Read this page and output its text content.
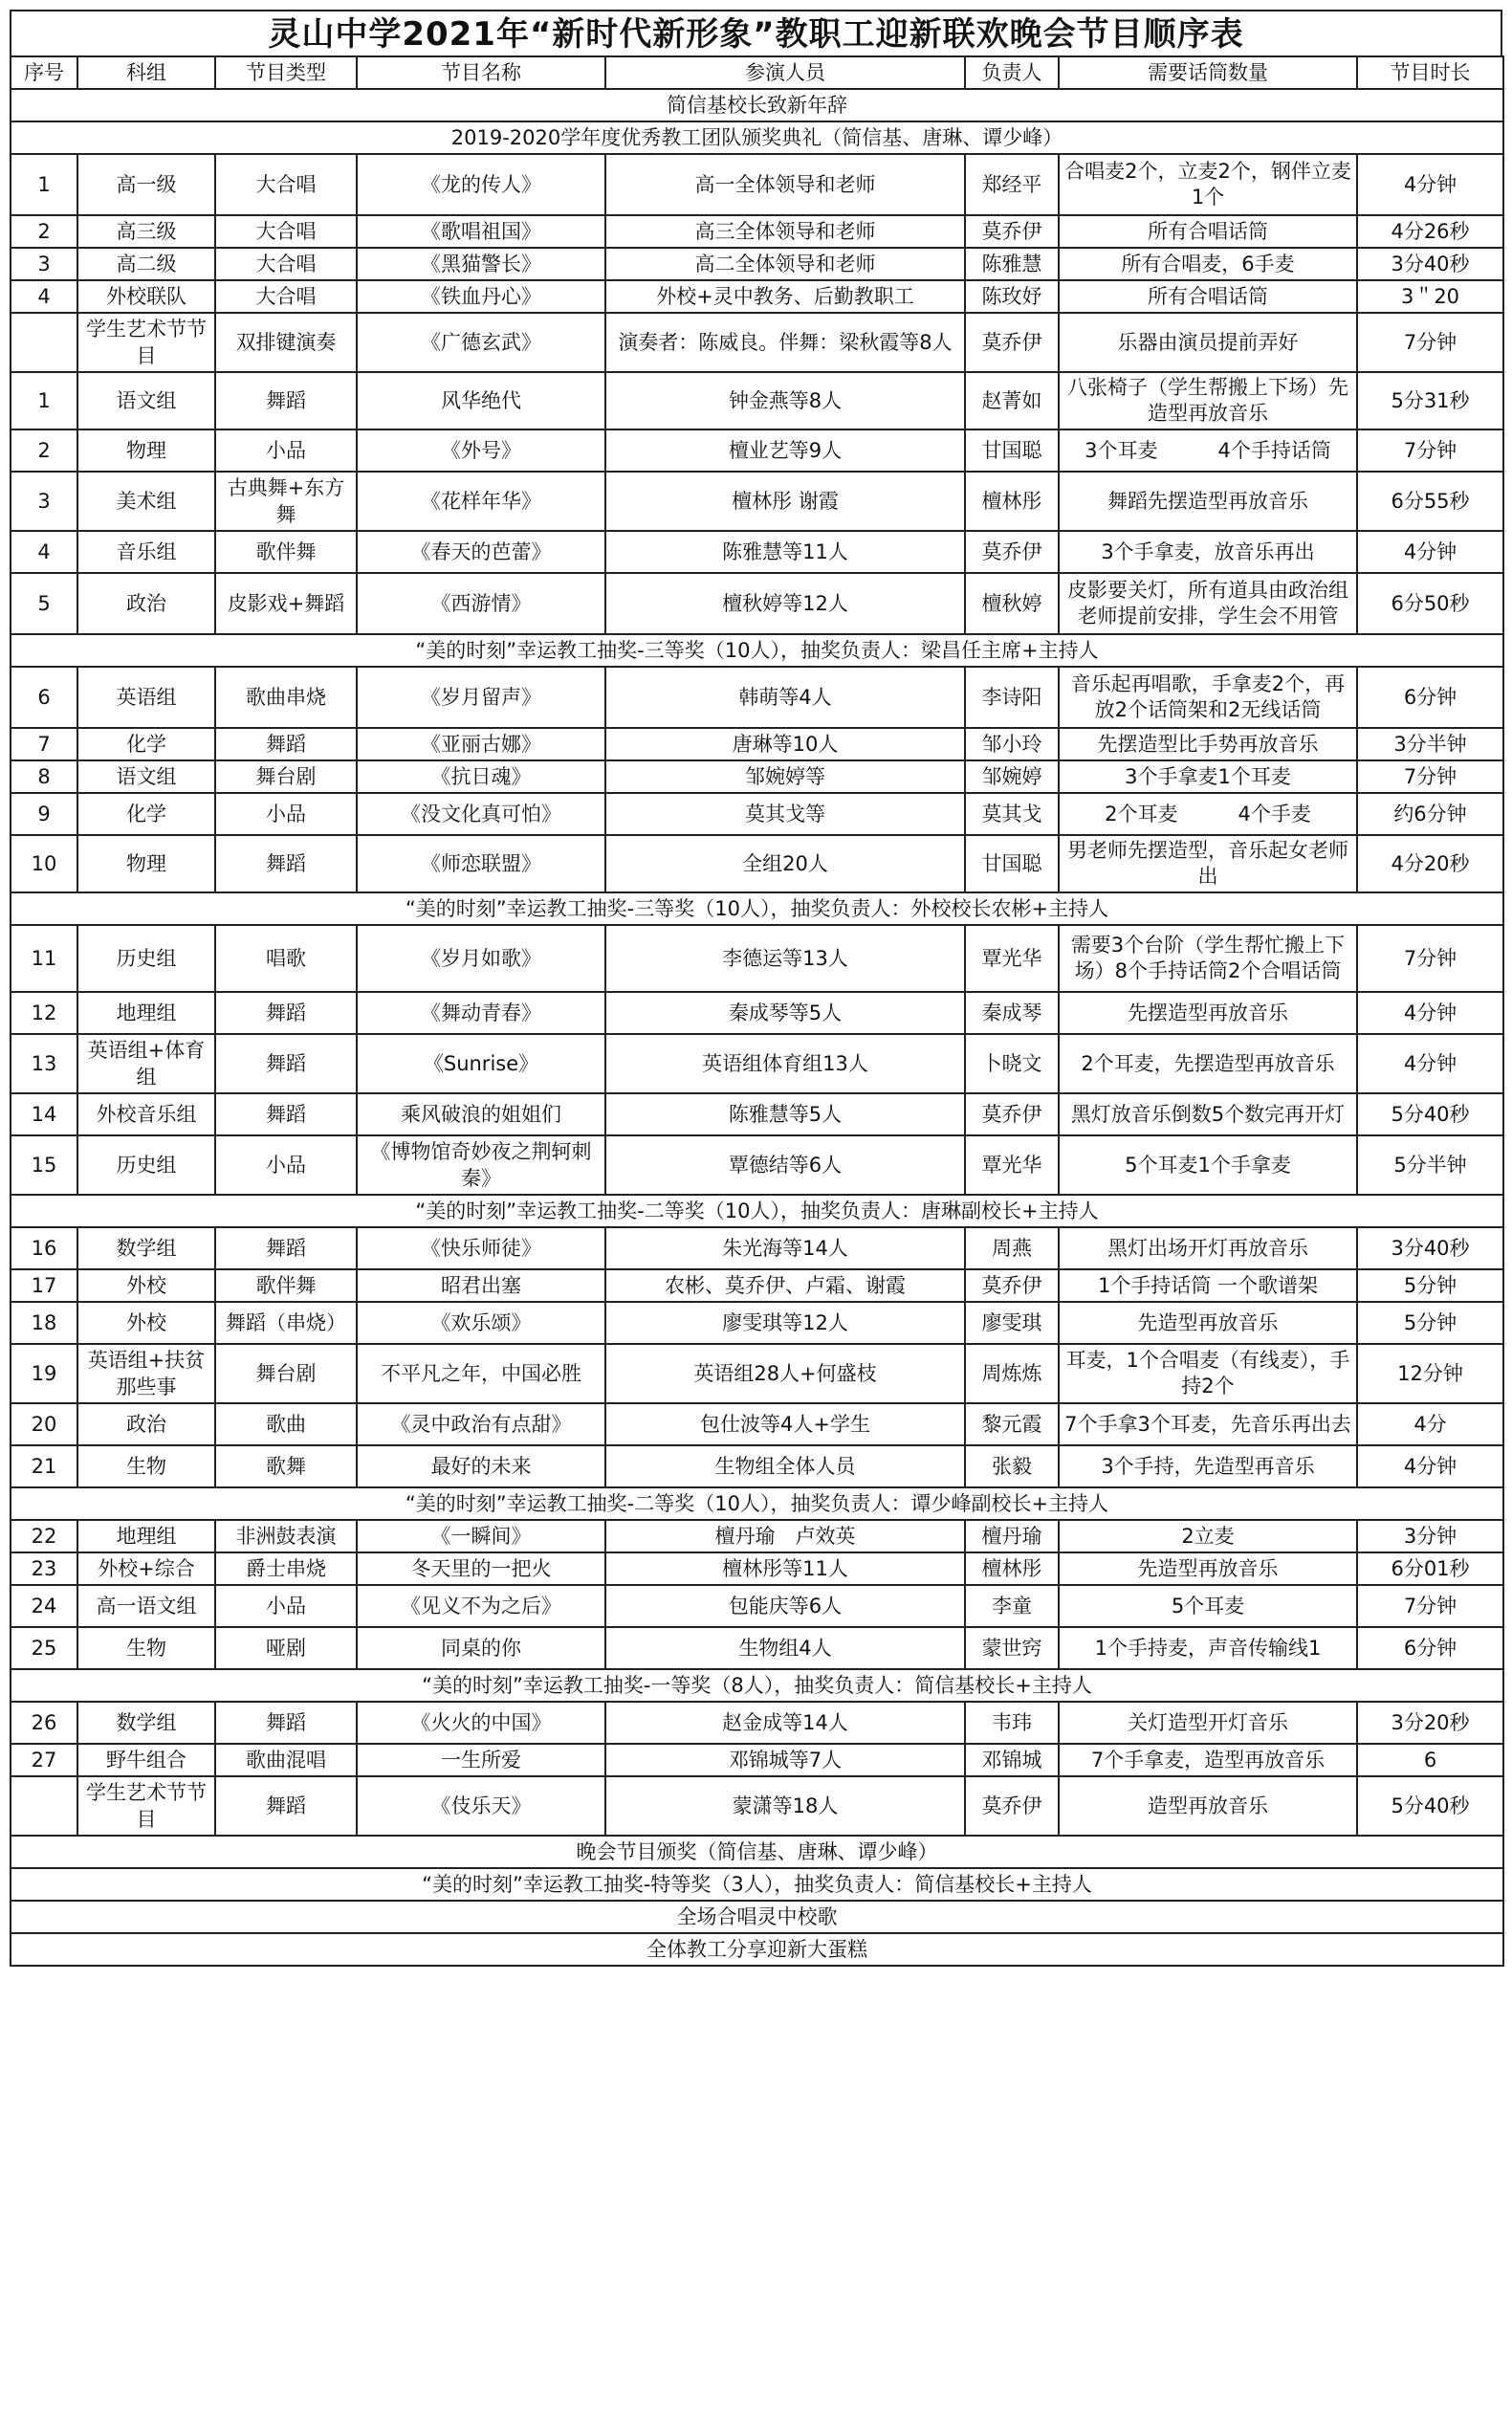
灵山中学2021年“新时代新形象”教职工迎新联欢晚会节目顺序表
序号	科组	节目类型	节目名称	参演人员	负责人	需要话筒数量	节目时长
简信基校长致新年辞							
2019-2020学年度优秀教工团队颁奖典礼（简信基、唐琳、谭少峰）							
1	高一级	大合唱	《龙的传人》	高一全体领导和老师	郑经平	合唱麦2个，立麦2个，钢伴立麦1个	4分钟
2	高三级	大合唱	《歌唱祖国》	高三全体领导和老师	莫乔伊	所有合唱话筒	4分26秒
3	高二级	大合唱	《黑猫警长》	高二全体领导和老师	陈雅慧	所有合唱麦，6手麦	3分40秒
4	外校联队	大合唱	《铁血丹心》	外校+灵中教务、后勤教职工	陈玫妤	所有合唱话筒	3＂20
	学生艺术节节目	双排键演奏	《广德玄武》	演奏者：陈威良。伴舞：梁秋霞等8人	莫乔伊	乐器由演员提前弄好	7分钟
1	语文组	舞蹈	风华绝代	钟金燕等8人	赵菁如	八张椅子（学生帮搬上下场）先造型再放音乐	5分31秒
2	物理	小品	《外号》	檀业艺等9人	甘国聪	3个耳麦　　　4个手持话筒	7分钟
3	美术组	古典舞+东方舞	《花样年华》	檀林彤 谢霞	檀林彤	舞蹈先摆造型再放音乐	6分55秒
4	音乐组	歌伴舞	《春天的芭蕾》	陈雅慧等11人	莫乔伊	3个手拿麦，放音乐再出	4分钟
5	政治	皮影戏+舞蹈	《西游情》	檀秋婷等12人	檀秋婷	皮影要关灯，所有道具由政治组老师提前安排，学生会不用管	6分50秒
“美的时刻”幸运教工抽奖-三等奖（10人），抽奖负责人：梁昌任主席+主持人							
6	英语组	歌曲串烧	《岁月留声》	韩萌等4人	李诗阳	音乐起再唱歌，手拿麦2个，再放2个话筒架和2无线话筒	6分钟
7	化学	舞蹈	《亚丽古娜》	唐琳等10人	邹小玲	先摆造型比手势再放音乐	3分半钟
8	语文组	舞台剧	《抗日魂》	邹婉婷等	邹婉婷	3个手拿麦1个耳麦	7分钟
9	化学	小品	《没文化真可怕》	莫其戈等	莫其戈	2个耳麦　　　4个手麦	约6分钟
10	物理	舞蹈	《师恋联盟》	全组20人	甘国聪	男老师先摆造型，音乐起女老师出	4分20秒
“美的时刻”幸运教工抽奖-三等奖（10人），抽奖负责人：外校校长农彬+主持人							
11	历史组	唱歌	《岁月如歌》	李德运等13人	覃光华	需要3个台阶（学生帮忙搬上下场）8个手持话筒2个合唱话筒	7分钟
12	地理组	舞蹈	《舞动青春》	秦成琴等5人	秦成琴	先摆造型再放音乐	4分钟
13	英语组+体育组	舞蹈	《Sunrise》	英语组体育组13人	卜晓文	2个耳麦，先摆造型再放音乐	4分钟
14	外校音乐组	舞蹈	乘风破浪的姐姐们	陈雅慧等5人	莫乔伊	黑灯放音乐倒数5个数完再开灯	5分40秒
15	历史组	小品	《博物馆奇妙夜之荆轲刺秦》	覃德结等6人	覃光华	5个耳麦1个手拿麦	5分半钟
“美的时刻”幸运教工抽奖-二等奖（10人），抽奖负责人：唐琳副校长+主持人							
16	数学组	舞蹈	《快乐师徒》	朱光海等14人	周燕	黑灯出场开灯再放音乐	3分40秒
17	外校	歌伴舞	昭君出塞	农彬、莫乔伊、卢霜、谢霞	莫乔伊	1个手持话筒 一个歌谱架	5分钟
18	外校	舞蹈（串烧）	《欢乐颂》	廖雯琪等12人	廖雯琪	先造型再放音乐	5分钟
19	英语组+扶贫那些事	舞台剧	不平凡之年，中国必胜	英语组28人+何盛枝	周炼炼	耳麦，1个合唱麦（有线麦），手持2个	12分钟
20	政治	歌曲	《灵中政治有点甜》	包仕波等4人+学生	黎元霞	7个手拿3个耳麦，先音乐再出去	4分
21	生物	歌舞	最好的未来	生物组全体人员	张毅	3个手持，先造型再音乐	4分钟
“美的时刻”幸运教工抽奖-二等奖（10人），抽奖负责人：谭少峰副校长+主持人							
22	地理组	非洲鼓表演	《一瞬间》	檀丹瑜　卢效英	檀丹瑜	2立麦	3分钟
23	外校+综合	爵士串烧	冬天里的一把火	檀林彤等11人	檀林彤	先造型再放音乐	6分01秒
24	高一语文组	小品	《见义不为之后》	包能庆等6人	李童	5个耳麦	7分钟
25	生物	哑剧	同桌的你	生物组4人	蒙世窍	1个手持麦，声音传输线1	6分钟
“美的时刻”幸运教工抽奖-一等奖（8人），抽奖负责人：简信基校长+主持人							
26	数学组	舞蹈	《火火的中国》	赵金成等14人	韦玮	关灯造型开灯音乐	3分20秒
27	野牛组合	歌曲混唱	一生所爱	邓锦城等7人	邓锦城	7个手拿麦，造型再放音乐	6
	学生艺术节节目	舞蹈	《伎乐天》	蒙潇等18人	莫乔伊	造型再放音乐	5分40秒
晚会节目颁奖（简信基、唐琳、谭少峰）							
“美的时刻”幸运教工抽奖-特等奖（3人），抽奖负责人：简信基校长+主持人							
全场合唱灵中校歌							
全体教工分享迎新大蛋糕							
